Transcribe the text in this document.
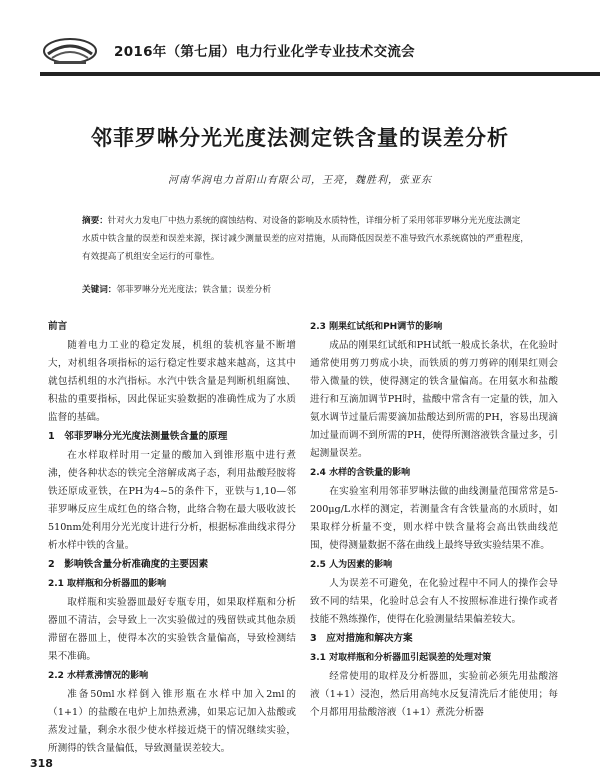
2016年（第七届）电力行业化学专业技术交流会
邻菲罗啉分光光度法测定铁含量的误差分析
河南华润电力首阳山有限公司，王亮，魏胜利，张亚东
摘要：针对火力发电厂中热力系统的腐蚀结构、对设备的影响及水质特性，详细分析了采用邻菲罗啉分光光度法测定
水质中铁含量的误差和误差来源，探讨减少测量误差的应对措施，从而降低因误差不准导致汽水系统腐蚀的严重程度，
有效提高了机组安全运行的可靠性。
关键词：邻菲罗啉分光光度法；铁含量；误差分析
前言

随着电力工业的稳定发展，机组的装机容量不断增大，对机组各项指标的运行稳定性要求越来越高，这其中就包括机组的水汽指标。水汽中铁含量是判断机组腐蚀、积盐的重要指标，因此保证实验数据的准确性成为了水质监督的基础。

1　邻菲罗啉分光光度法测量铁含量的原理

在水样取样时用一定量的酸加入到锥形瓶中进行煮沸，使各种状态的铁完全溶解成离子态，利用盐酸羟胺将铁还原成亚铁，在PH为4~5的条件下，亚铁与1,10—邻菲罗啉反应生成红色的络合物，此络合物在最大吸收波长510nm处利用分光光度计进行分析，根据标准曲线求得分析水样中铁的含量。

2　影响铁含量分析准确度的主要因素
2.1 取样瓶和分析器皿的影响

取样瓶和实验器皿最好专瓶专用，如果取样瓶和分析器皿不清洁，会导致上一次实验做过的残留铁或其他杂质滞留在器皿上，使得本次的实验铁含量偏高，导致检测结果不准确。

2.2 水样煮沸情况的影响

准备50ml水样倒入锥形瓶在水样中加入2ml的（1+1）的盐酸在电炉上加热煮沸，如果忘记加入盐酸或蒸发过量，剩余水很少使水样接近烧干的情况继续实验，所测得的铁含量偏低，导致测量误差较大。

2.3 刚果红试纸和PH调节的影响

成品的刚果红试纸和PH试纸一般成长条状，在化验时通常使用剪刀剪成小块，而铁质的剪刀剪碎的刚果红则会带入微量的铁，使得测定的铁含量偏高。在用氨水和盐酸进行和互滴加调节PH时，盐酸中常含有一定量的铁，加入氨水调节过量后需要滴加盐酸达到所需的PH，容易出现滴加过量而调不到所需的PH，使得所测溶液铁含量过多，引起测量误差。

2.4 水样的含铁量的影响

在实验室利用邻菲罗啉法做的曲线测量范围常常是5-200μg/L水样的测定，若测量含有含铁量高的水质时，如果取样分析量不变，则水样中铁含量将会高出铁曲线范围，使得测量数据不落在曲线上最终导致实验结果不准。

2.5 人为因素的影响

人为误差不可避免，在化验过程中不同人的操作会导致不同的结果，化验时总会有人不按照标准进行操作或者技能不熟练操作，使得在化验测量结果偏差较大。

3　应对措施和解决方案
3.1 对取样瓶和分析器皿引起误差的处理对策

经常使用的取样及分析器皿，实验前必须先用盐酸溶液（1+1）浸泡，然后用高纯水反复清洗后才能使用；每个月都用用盐酸溶液（1+1）煮洗分析器

318
